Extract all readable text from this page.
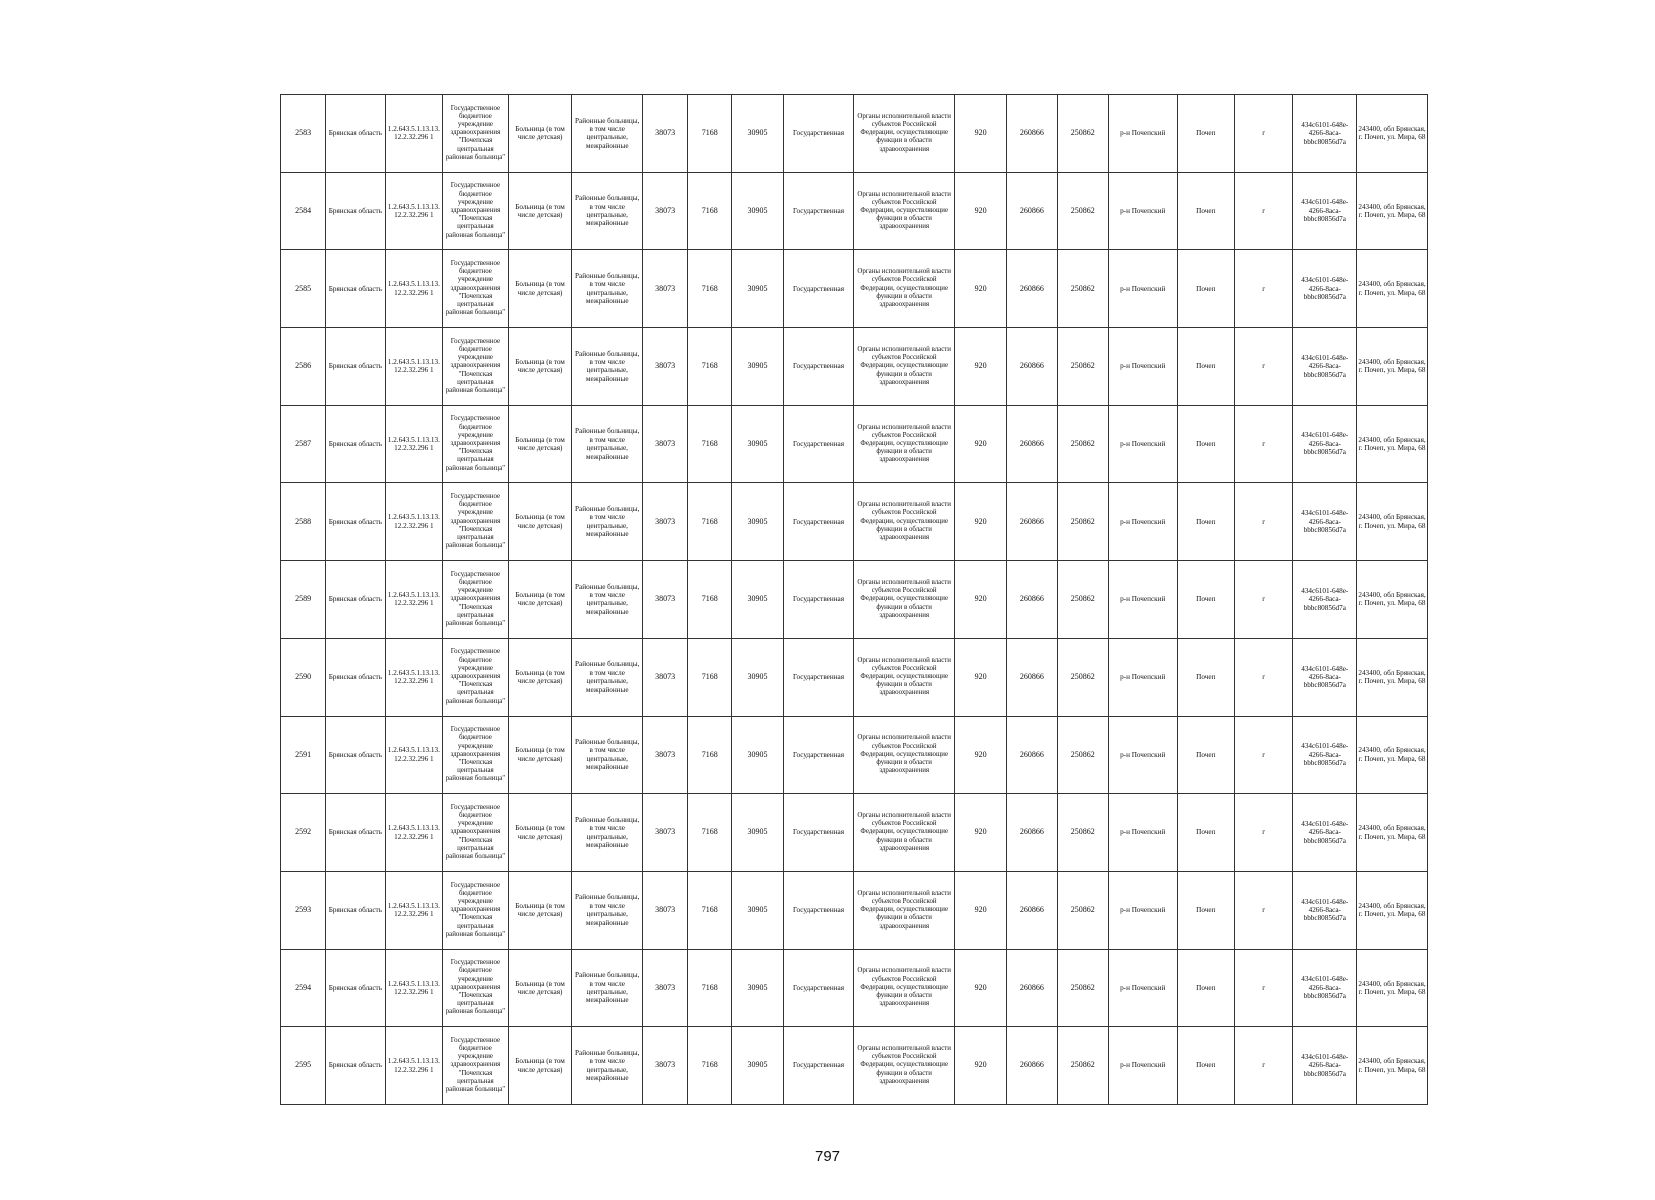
2583	Брянская область	1.2.643.5.1.13.13.12.2.32.296 1	Государственное бюджетное учреждение здравоохранения "Почепская центральная районная больница"	Больница (в том числе детская)	Районные больницы, в том числе центральные, межрайонные	38073	7168	30905	Государственная	Органы исполнительной власти субъектов Российской Федерации, осуществляющие функции в области здравоохранения	920	260866	250862	р-н Почепский	Почеп	г	434c6101-648e-4266-8aca-bbbc80856d7a	243400, обл Брянская, г. Почеп, ул. Мира, 68
2584	Брянская область	1.2.643.5.1.13.13.12.2.32.296 1	Государственное бюджетное учреждение здравоохранения "Почепская центральная районная больница"	Больница (в том числе детская)	Районные больницы, в том числе центральные, межрайонные	38073	7168	30905	Государственная	Органы исполнительной власти субъектов Российской Федерации, осуществляющие функции в области здравоохранения	920	260866	250862	р-н Почепский	Почеп	г	434c6101-648e-4266-8aca-bbbc80856d7a	243400, обл Брянская, г. Почеп, ул. Мира, 68
2585	Брянская область	1.2.643.5.1.13.13.12.2.32.296 1	Государственное бюджетное учреждение здравоохранения "Почепская центральная районная больница"	Больница (в том числе детская)	Районные больницы, в том числе центральные, межрайонные	38073	7168	30905	Государственная	Органы исполнительной власти субъектов Российской Федерации, осуществляющие функции в области здравоохранения	920	260866	250862	р-н Почепский	Почеп	г	434c6101-648e-4266-8aca-bbbc80856d7a	243400, обл Брянская, г. Почеп, ул. Мира, 68
2586	Брянская область	1.2.643.5.1.13.13.12.2.32.296 1	Государственное бюджетное учреждение здравоохранения "Почепская центральная районная больница"	Больница (в том числе детская)	Районные больницы, в том числе центральные, межрайонные	38073	7168	30905	Государственная	Органы исполнительной власти субъектов Российской Федерации, осуществляющие функции в области здравоохранения	920	260866	250862	р-н Почепский	Почеп	г	434c6101-648e-4266-8aca-bbbc80856d7a	243400, обл Брянская, г. Почеп, ул. Мира, 68
2587	Брянская область	1.2.643.5.1.13.13.12.2.32.296 1	Государственное бюджетное учреждение здравоохранения "Почепская центральная районная больница"	Больница (в том числе детская)	Районные больницы, в том числе центральные, межрайонные	38073	7168	30905	Государственная	Органы исполнительной власти субъектов Российской Федерации, осуществляющие функции в области здравоохранения	920	260866	250862	р-н Почепский	Почеп	г	434c6101-648e-4266-8aca-bbbc80856d7a	243400, обл Брянская, г. Почеп, ул. Мира, 68
2588	Брянская область	1.2.643.5.1.13.13.12.2.32.296 1	Государственное бюджетное учреждение здравоохранения "Почепская центральная районная больница"	Больница (в том числе детская)	Районные больницы, в том числе центральные, межрайонные	38073	7168	30905	Государственная	Органы исполнительной власти субъектов Российской Федерации, осуществляющие функции в области здравоохранения	920	260866	250862	р-н Почепский	Почеп	г	434c6101-648e-4266-8aca-bbbc80856d7a	243400, обл Брянская, г. Почеп, ул. Мира, 68
2589	Брянская область	1.2.643.5.1.13.13.12.2.32.296 1	Государственное бюджетное учреждение здравоохранения "Почепская центральная районная больница"	Больница (в том числе детская)	Районные больницы, в том числе центральные, межрайонные	38073	7168	30905	Государственная	Органы исполнительной власти субъектов Российской Федерации, осуществляющие функции в области здравоохранения	920	260866	250862	р-н Почепский	Почеп	г	434c6101-648e-4266-8aca-bbbc80856d7a	243400, обл Брянская, г. Почеп, ул. Мира, 68
2590	Брянская область	1.2.643.5.1.13.13.12.2.32.296 1	Государственное бюджетное учреждение здравоохранения "Почепская центральная районная больница"	Больница (в том числе детская)	Районные больницы, в том числе центральные, межрайонные	38073	7168	30905	Государственная	Органы исполнительной власти субъектов Российской Федерации, осуществляющие функции в области здравоохранения	920	260866	250862	р-н Почепский	Почеп	г	434c6101-648e-4266-8aca-bbbc80856d7a	243400, обл Брянская, г. Почеп, ул. Мира, 68
2591	Брянская область	1.2.643.5.1.13.13.12.2.32.296 1	Государственное бюджетное учреждение здравоохранения "Почепская центральная районная больница"	Больница (в том числе детская)	Районные больницы, в том числе центральные, межрайонные	38073	7168	30905	Государственная	Органы исполнительной власти субъектов Российской Федерации, осуществляющие функции в области здравоохранения	920	260866	250862	р-н Почепский	Почеп	г	434c6101-648e-4266-8aca-bbbc80856d7a	243400, обл Брянская, г. Почеп, ул. Мира, 68
2592	Брянская область	1.2.643.5.1.13.13.12.2.32.296 1	Государственное бюджетное учреждение здравоохранения "Почепская центральная районная больница"	Больница (в том числе детская)	Районные больницы, в том числе центральные, межрайонные	38073	7168	30905	Государственная	Органы исполнительной власти субъектов Российской Федерации, осуществляющие функции в области здравоохранения	920	260866	250862	р-н Почепский	Почеп	г	434c6101-648e-4266-8aca-bbbc80856d7a	243400, обл Брянская, г. Почеп, ул. Мира, 68
2593	Брянская область	1.2.643.5.1.13.13.12.2.32.296 1	Государственное бюджетное учреждение здравоохранения "Почепская центральная районная больница"	Больница (в том числе детская)	Районные больницы, в том числе центральные, межрайонные	38073	7168	30905	Государственная	Органы исполнительной власти субъектов Российской Федерации, осуществляющие функции в области здравоохранения	920	260866	250862	р-н Почепский	Почеп	г	434c6101-648e-4266-8aca-bbbc80856d7a	243400, обл Брянская, г. Почеп, ул. Мира, 68
2594	Брянская область	1.2.643.5.1.13.13.12.2.32.296 1	Государственное бюджетное учреждение здравоохранения "Почепская центральная районная больница"	Больница (в том числе детская)	Районные больницы, в том числе центральные, межрайонные	38073	7168	30905	Государственная	Органы исполнительной власти субъектов Российской Федерации, осуществляющие функции в области здравоохранения	920	260866	250862	р-н Почепский	Почеп	г	434c6101-648e-4266-8aca-bbbc80856d7a	243400, обл Брянская, г. Почеп, ул. Мира, 68
2595	Брянская область	1.2.643.5.1.13.13.12.2.32.296 1	Государственное бюджетное учреждение здравоохранения "Почепская центральная районная больница"	Больница (в том числе детская)	Районные больницы, в том числе центральные, межрайонные	38073	7168	30905	Государственная	Органы исполнительной власти субъектов Российской Федерации, осуществляющие функции в области здравоохранения	920	260866	250862	р-н Почепский	Почеп	г	434c6101-648e-4266-8aca-bbbc80856d7a	243400, обл Брянская, г. Почеп, ул. Мира, 68
797
